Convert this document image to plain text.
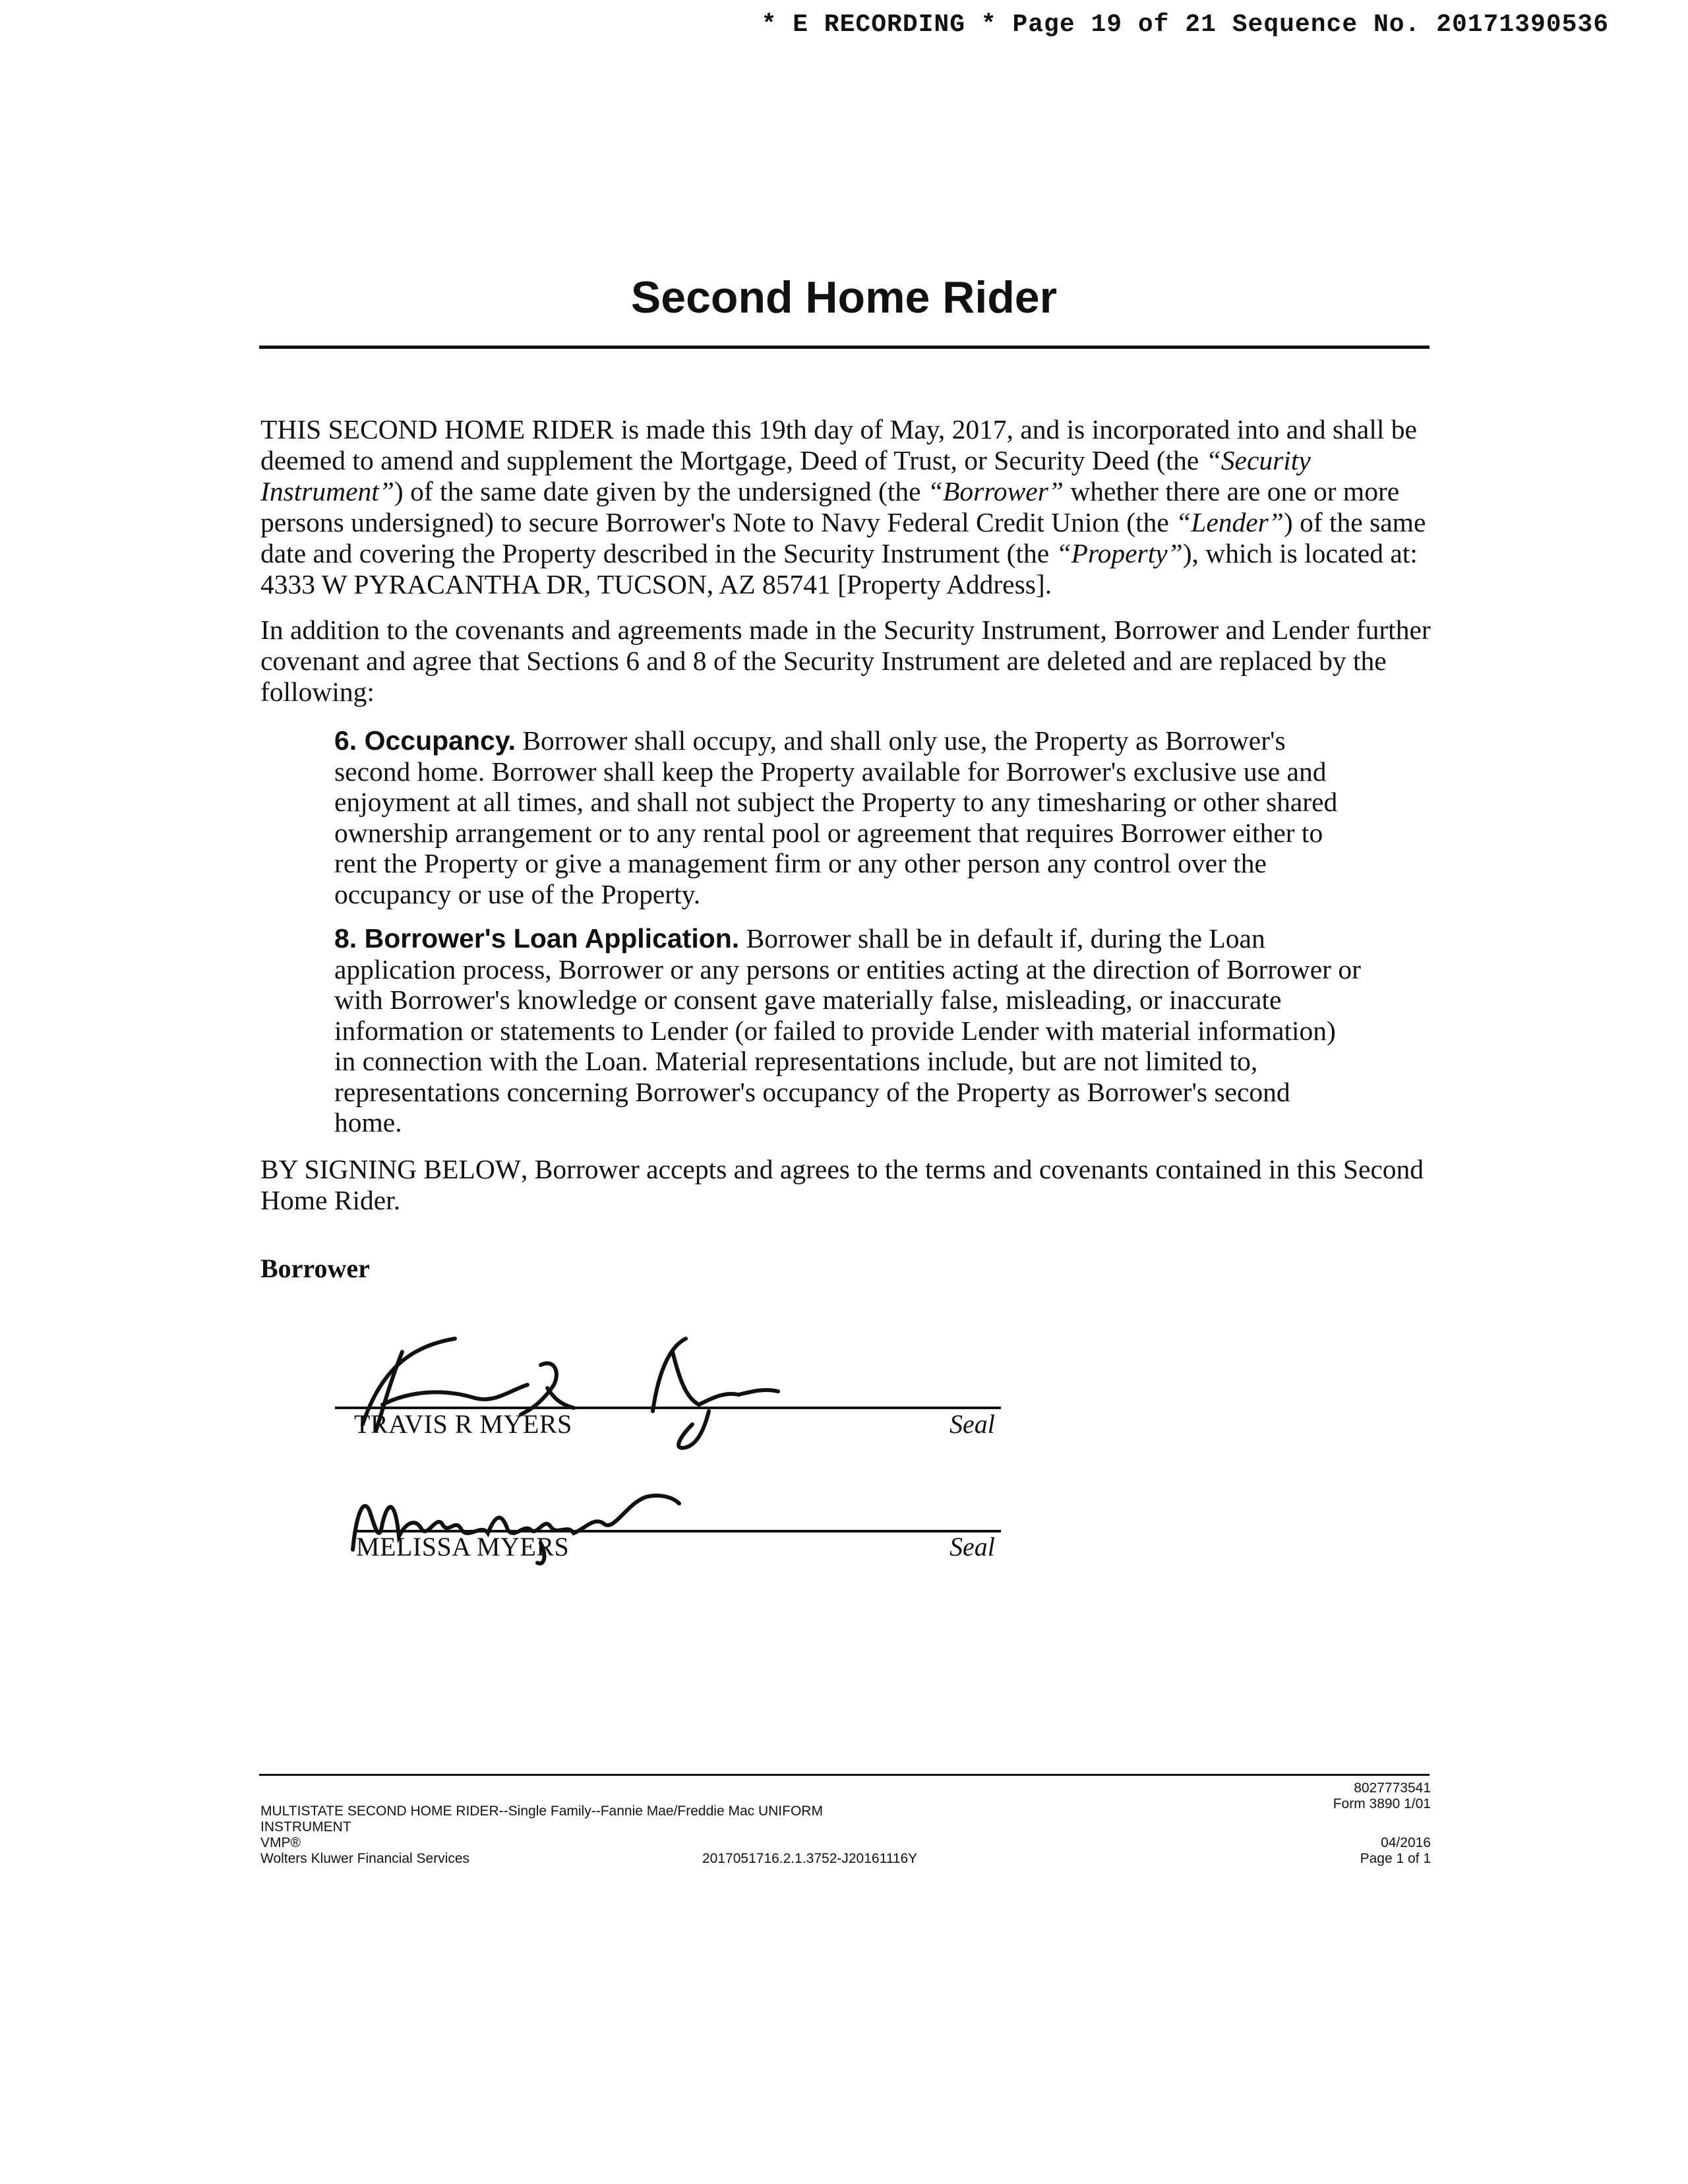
* E RECORDING * Page 19 of 21 Sequence No. 20171390536
Second Home Rider

THIS SECOND HOME RIDER is made this 19th day of May, 2017, and is incorporated into and shall be deemed to amend and supplement the Mortgage, Deed of Trust, or Security Deed (the “Security Instrument”) of the same date given by the undersigned (the “Borrower” whether there are one or more persons undersigned) to secure Borrower's Note to Navy Federal Credit Union (the “Lender”) of the same date and covering the Property described in the Security Instrument (the “Property”), which is located at: 4333 W PYRACANTHA DR, TUCSON, AZ 85741 [Property Address].

In addition to the covenants and agreements made in the Security Instrument, Borrower and Lender further covenant and agree that Sections 6 and 8 of the Security Instrument are deleted and are replaced by the following:

6. Occupancy. Borrower shall occupy, and shall only use, the Property as Borrower's second home. Borrower shall keep the Property available for Borrower's exclusive use and enjoyment at all times, and shall not subject the Property to any timesharing or other shared ownership arrangement or to any rental pool or agreement that requires Borrower either to rent the Property or give a management firm or any other person any control over the occupancy or use of the Property.

8. Borrower's Loan Application. Borrower shall be in default if, during the Loan application process, Borrower or any persons or entities acting at the direction of Borrower or with Borrower's knowledge or consent gave materially false, misleading, or inaccurate information or statements to Lender (or failed to provide Lender with material information) in connection with the Loan. Material representations include, but are not limited to, representations concerning Borrower's occupancy of the Property as Borrower's second home.

BY SIGNING BELOW, Borrower accepts and agrees to the terms and covenants contained in this Second Home Rider.

Borrower
TRAVIS R MYERS	Seal
MELISSA MYERS	Seal
MULTISTATE SECOND HOME RIDER--Single Family--Fannie Mae/Freddie Mac UNIFORM
INSTRUMENT
VMP®
Wolters Kluwer Financial Services	2017051716.2.1.3752-J20161116Y
8027773541
Form 3890 1/01
04/2016
Page 1 of 1
